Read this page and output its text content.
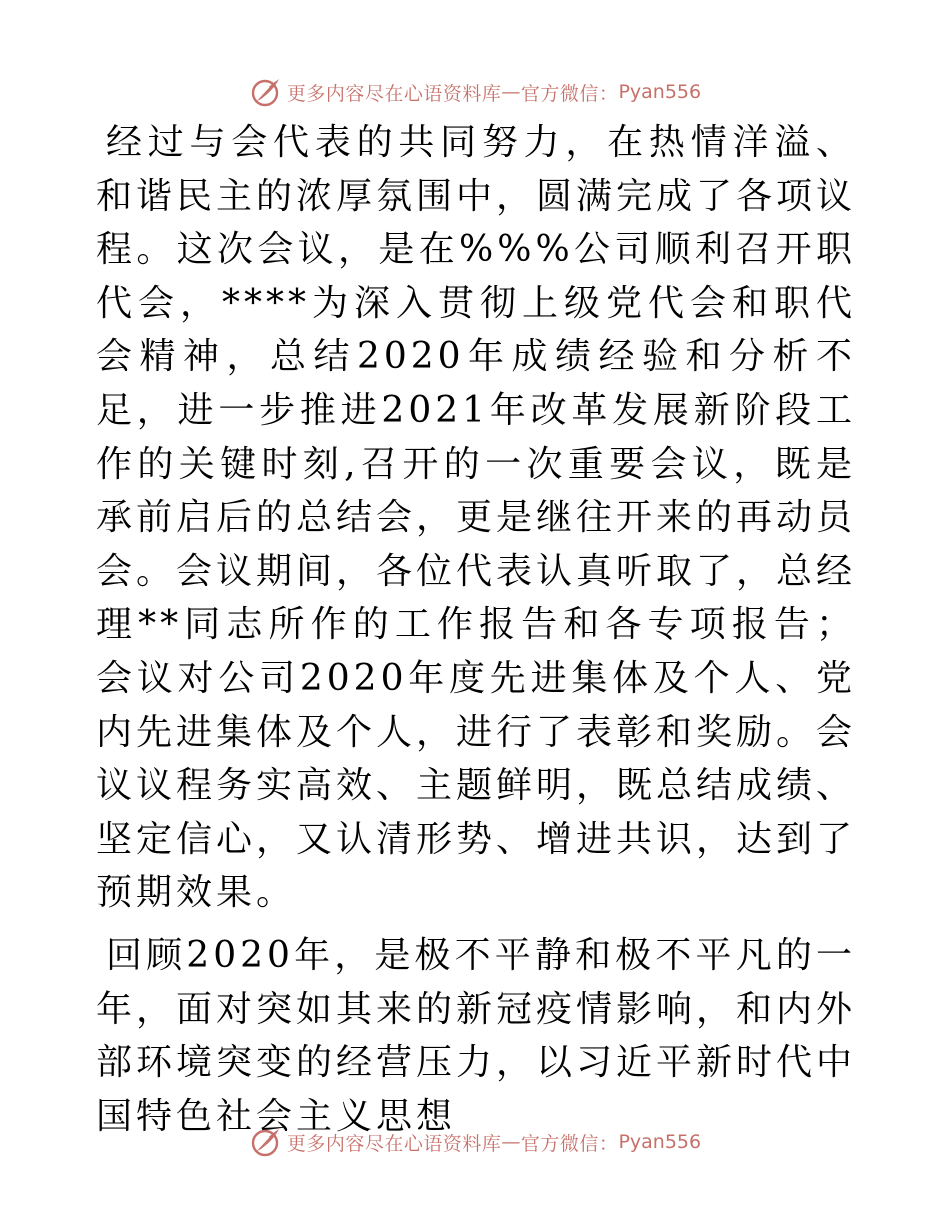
更多内容尽在心语资料库 — 官方微信： Pyan556

经过与会代表的共同努力，在热情洋溢、和谐民主的浓厚氛围中，圆满完成了各项议程。这次会议，是在%%%公司顺利召开职代会，****为深入贯彻上级党代会和职代会精神，总结2020年成绩经验和分析不足，进一步推进2021年改革发展新阶段工作的关键时刻,召开的一次重要会议，既是承前启后的总结会，更是继往开来的再动员会。会议期间，各位代表认真听取了，总经理**同志所作的工作报告和各专项报告；会议对公司2020年度先进集体及个人、党内先进集体及个人，进行了表彰和奖励。会议议程务实高效、主题鲜明，既总结成绩、坚定信心，又认清形势、增进共识，达到了预期效果。

回顾2020年，是极不平静和极不平凡的一年，面对突如其来的新冠疫情影响，和内外部环境突变的经营压力，以习近平新时代中国特色社会主义思想

更多内容尽在心语资料库 — 官方微信： Pyan556
